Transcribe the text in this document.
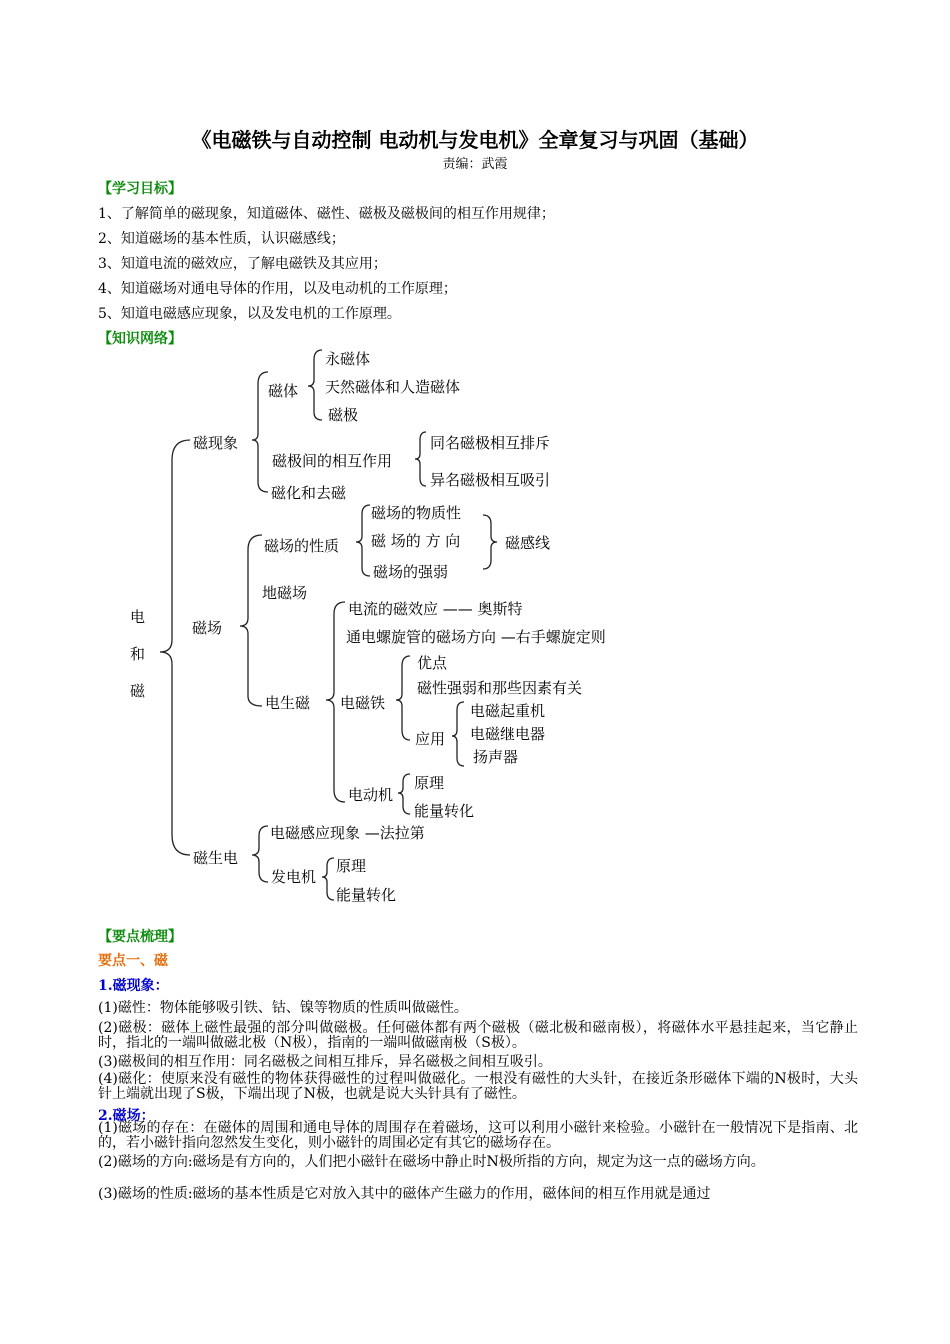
《电磁铁与自动控制 电动机与发电机》全章复习与巩固（基础）
责编：武霞
【学习目标】
1、了解简单的磁现象，知道磁体、磁性、磁极及磁极间的相互作用规律；
2、知道磁场的基本性质，认识磁感线；
3、知道电流的磁效应，了解电磁铁及其应用；
4、知道磁场对通电导体的作用，以及电动机的工作原理；
5、知道电磁感应现象，以及发电机的工作原理。
【知识网络】
电
和
磁
磁现象
磁场
磁生电
磁体
永磁体
天然磁体和人造磁体
磁极
磁极间的相互作用
同名磁极相互排斥
异名磁极相互吸引
磁化和去磁
磁场的性质
磁场的物质性
磁 场的 方 向
磁场的强弱
磁感线
地磁场
电生磁
电流的磁效应 —— 奥斯特
通电螺旋管的磁场方向 —右手螺旋定则
电磁铁
优点
磁性强弱和那些因素有关
应用
电磁起重机
电磁继电器
扬声器
电动机
原理
能量转化
电磁感应现象 —法拉第
发电机
原理
能量转化
【要点梳理】
要点一、磁
1.磁现象：
(1)磁性：物体能够吸引铁、钴、镍等物质的性质叫做磁性。
(2)磁极：磁体上磁性最强的部分叫做磁极。任何磁体都有两个磁极（磁北极和磁南极），将磁体水平悬挂起来，当它静止时，指北的一端叫做磁北极（N极），指南的一端叫做磁南极（S极）。
(3)磁极间的相互作用：同名磁极之间相互排斥，异名磁极之间相互吸引。
(4)磁化：使原来没有磁性的物体获得磁性的过程叫做磁化。一根没有磁性的大头针，在接近条形磁体下端的N极时，大头针上端就出现了S极，下端出现了N极，也就是说大头针具有了磁性。
2.磁场：
(1)磁场的存在：在磁体的周围和通电导体的周围存在着磁场，这可以利用小磁针来检验。小磁针在一般情况下是指南、北的，若小磁针指向忽然发生变化，则小磁针的周围必定有其它的磁场存在。
(2)磁场的方向:磁场是有方向的，人们把小磁针在磁场中静止时N极所指的方向，规定为这一点的磁场方向。
(3)磁场的性质:磁场的基本性质是它对放入其中的磁体产生磁力的作用，磁体间的相互作用就是通过
